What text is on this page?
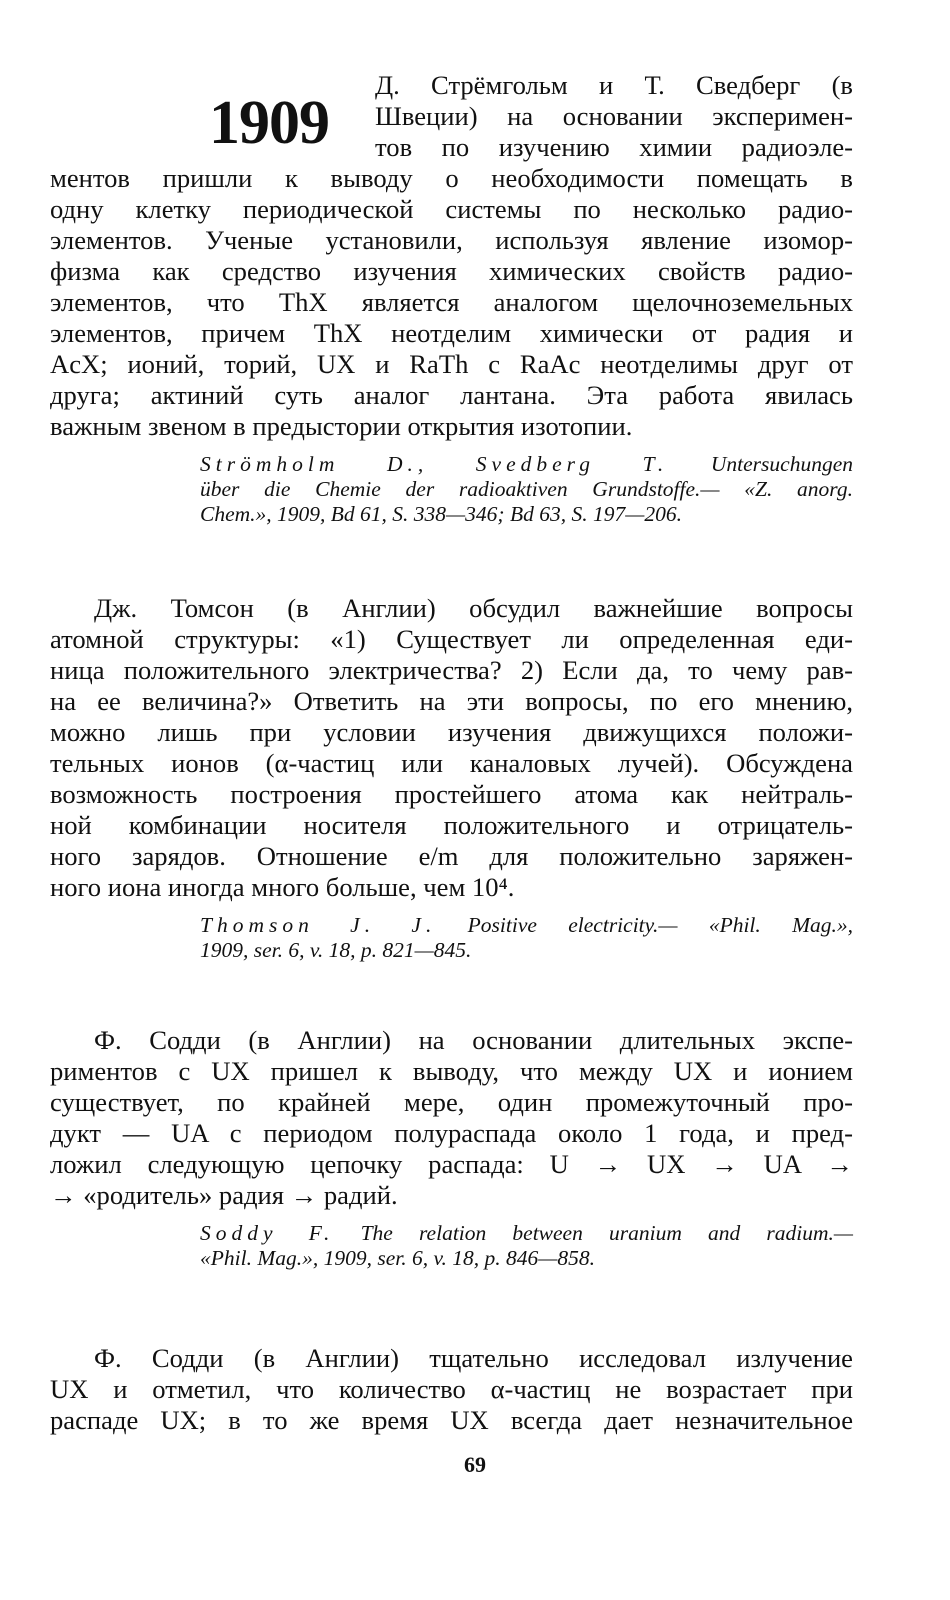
1909
Д. Стрёмгольм и Т. Сведберг (в
Швеции) на основании эксперимен-
тов по изучению химии радиоэле-
ментов пришли к выводу о необходимости помещать в
одну клетку периодической системы по несколько радио-
элементов. Ученые установили, используя явление изомор-
физма как средство изучения химических свойств радио-
элементов, что ThX является аналогом щелочноземельных
элементов, причем ThX неотделим химически от радия и
AcX; ионий, торий, UX и RaTh с RaAc неотделимы друг от
друга; актиний суть аналог лантана. Эта работа явилась
важным звеном в предыстории открытия изотопии.
Strömholm D., Svedberg T. Untersuchungen
über die Chemie der radioaktiven Grundstoffe.— «Z. anorg.
Chem.», 1909, Bd 61, S. 338—346; Bd 63, S. 197—206.
Дж. Томсон (в Англии) обсудил важнейшие вопросы
атомной структуры: «1) Существует ли определенная еди-
ница положительного электричества? 2) Если да, то чему рав-
на ее величина?» Ответить на эти вопросы, по его мнению,
можно лишь при условии изучения движущихся положи-
тельных ионов (α-частиц или каналовых лучей). Обсуждена
возможность построения простейшего атома как нейтраль-
ной комбинации носителя положительного и отрицатель-
ного зарядов. Отношение e/m для положительно заряжен-
ного иона иногда много больше, чем 10⁴.
Thomson J. J. Positive electricity.— «Phil. Mag.»,
1909, ser. 6, v. 18, p. 821—845.
Ф. Содди (в Англии) на основании длительных экспе-
риментов с UX пришел к выводу, что между UX и ионием
существует, по крайней мере, один промежуточный про-
дукт — UA с периодом полураспада около 1 года, и пред-
ложил следующую цепочку распада: U → UX → UA →
→ «родитель» радия → радий.
Soddy F. The relation between uranium and radium.—
«Phil. Mag.», 1909, ser. 6, v. 18, p. 846—858.
Ф. Содди (в Англии) тщательно исследовал излучение
UX и отметил, что количество α-частиц не возрастает при
распаде UX; в то же время UX всегда дает незначительное
69
